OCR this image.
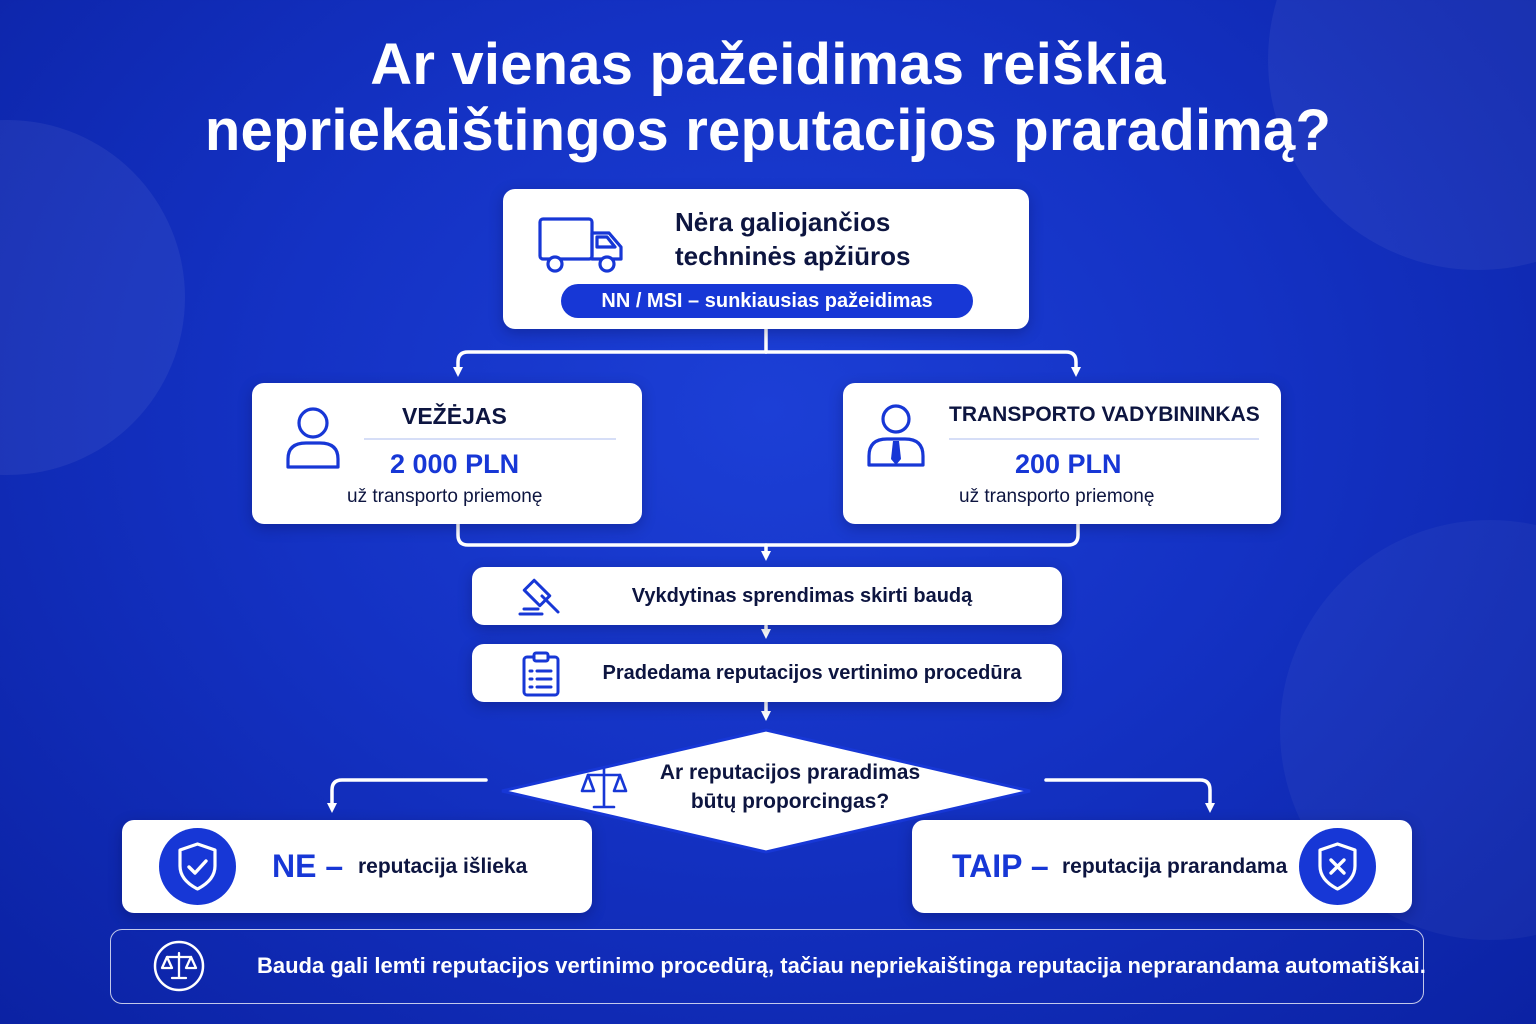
Ar vienas pažeidimas reiškia
nepriekaištingos reputacijos praradimą?
Nėra galiojančios
techninės apžiūros
NN / MSI – sunkiausias pažeidimas
VEŽĖJAS
2 000 PLN
už transporto priemonę
TRANSPORTO VADYBININKAS
200 PLN
už transporto priemonę
Vykdytinas sprendimas skirti baudą
Pradedama reputacijos vertinimo procedūra
Ar reputacijos praradimas
būtų proporcingas?
NE – reputacija išlieka	TAIP – reputacija prarandama
Bauda gali lemti reputacijos vertinimo procedūrą, tačiau nepriekaištinga reputacija neprarandama automatiškai.
